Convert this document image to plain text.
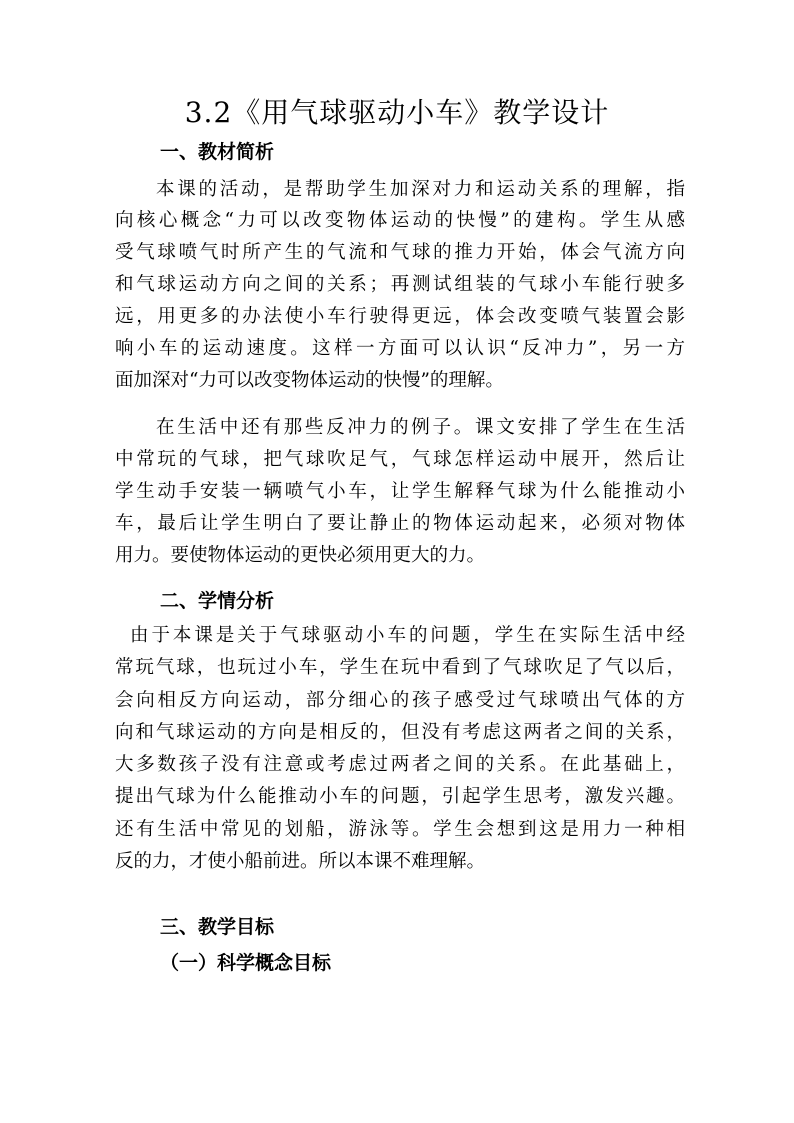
3.2《用气球驱动小车》教学设计
一、教材简析
本课的活动，是帮助学生加深对力和运动关系的理解，指
向核心概念“力可以改变物体运动的快慢”的建构。学生从感
受气球喷气时所产生的气流和气球的推力开始，体会气流方向
和气球运动方向之间的关系；再测试组装的气球小车能行驶多
远，用更多的办法使小车行驶得更远，体会改变喷气装置会影
响小车的运动速度。这样一方面可以认识“反冲力”，另一方
面加深对“力可以改变物体运动的快慢”的理解。
在生活中还有那些反冲力的例子。课文安排了学生在生活
中常玩的气球，把气球吹足气，气球怎样运动中展开，然后让
学生动手安装一辆喷气小车，让学生解释气球为什么能推动小
车，最后让学生明白了要让静止的物体运动起来，必须对物体
用力。要使物体运动的更快必须用更大的力。
二、学情分析
由于本课是关于气球驱动小车的问题，学生在实际生活中经
常玩气球，也玩过小车，学生在玩中看到了气球吹足了气以后，
会向相反方向运动，部分细心的孩子感受过气球喷出气体的方
向和气球运动的方向是相反的，但没有考虑这两者之间的关系，
大多数孩子没有注意或考虑过两者之间的关系。在此基础上，
提出气球为什么能推动小车的问题，引起学生思考，激发兴趣。
还有生活中常见的划船，游泳等。学生会想到这是用力一种相
反的力，才使小船前进。所以本课不难理解。
三、教学目标
（一）科学概念目标
